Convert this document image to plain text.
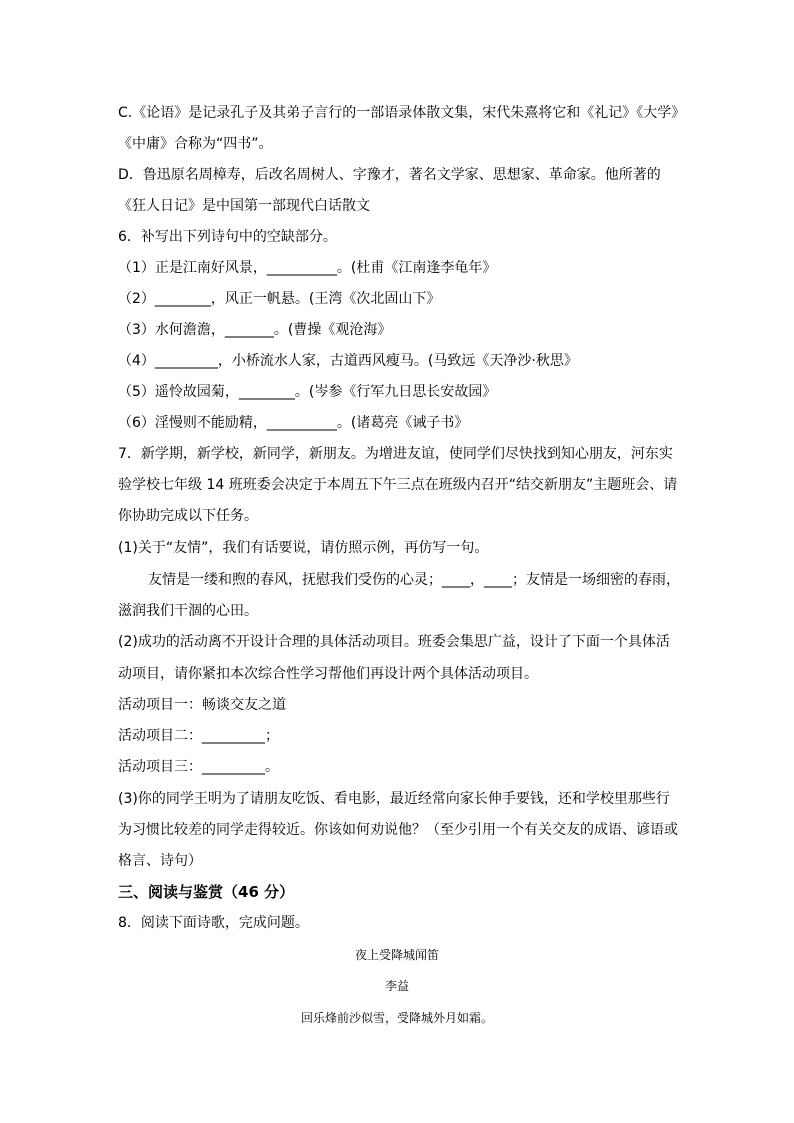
C.《论语》是记录孔子及其弟子言行的一部语录体散文集，宋代朱熹将它和《礼记》《大学》
《中庸》合称为“四书”。
D．鲁迅原名周樟寿，后改名周树人、字豫才，著名文学家、思想家、革命家。他所著的
《狂人日记》是中国第一部现代白话散文
6．补写出下列诗句中的空缺部分。
（1）正是江南好风景，__________。(杜甫《江南逢李龟年》
（2）________，风正一帆悬。(王湾《次北固山下》
（3）水何澹澹，_______。(曹操《观沧海》
（4）_________，小桥流水人家，古道西风瘦马。(马致远《天净沙·秋思》
（5）遥怜故园菊，________。(岑参《行军九日思长安故园》
（6）淫慢则不能励精，__________。(诸葛亮《诫子书》
7．新学期，新学校，新同学，新朋友。为增进友谊，使同学们尽快找到知心朋友，河东实
验学校七年级 14 班班委会决定于本周五下午三点在班级内召开“结交新朋友”主题班会、请
你协助完成以下任务。
(1)关于“友情”，我们有话要说，请仿照示例，再仿写一句。
友情是一缕和煦的春风，抚慰我们受伤的心灵；____，____；友情是一场细密的春雨，
滋润我们干涸的心田。
(2)成功的活动离不开设计合理的具体活动项目。班委会集思广益，设计了下面一个具体活
动项目，请你紧扣本次综合性学习帮他们再设计两个具体活动项目。
活动项目一：畅谈交友之道
活动项目二：_________；
活动项目三：_________。
(3)你的同学王明为了请朋友吃饭、看电影，最近经常向家长伸手要钱，还和学校里那些行
为习惯比较差的同学走得较近。你该如何劝说他？（至少引用一个有关交友的成语、谚语或
格言、诗句）
三、阅读与鉴赏（46 分）
8．阅读下面诗歌，完成问题。
夜上受降城闻笛
李益
回乐烽前沙似雪，受降城外月如霜。
